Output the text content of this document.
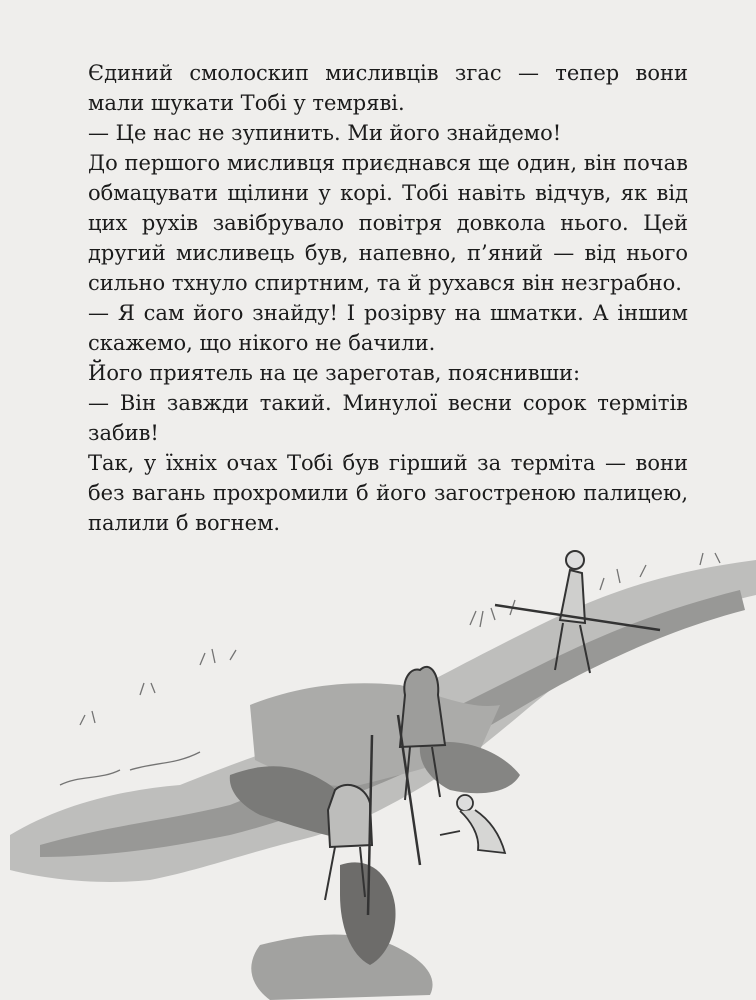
Єдиний смолоскип мисливців згас — тепер вони мали шукати Тобі у темряві.

— Це нас не зупинить. Ми його знайдемо!

До першого мисливця приєднався ще один, він почав обмацувати щілини у корі. Тобі навіть відчув, як від цих рухів завібрувало повітря довкола нього. Цей другий мисливець був, напевно, п’яний — від нього сильно тхнуло спиртним, та й рухався він незграбно.

— Я сам його знайду! І розірву на шматки. А іншим скажемо, що нікого не бачили.

Його приятель на це зареготав, пояснивши:

— Він завжди такий. Минулої весни сорок термітів забив!

Так, у їхніх очах Тобі був гірший за терміта — вони без вагань прохромили б його загостреною палицею, палили б вогнем.
